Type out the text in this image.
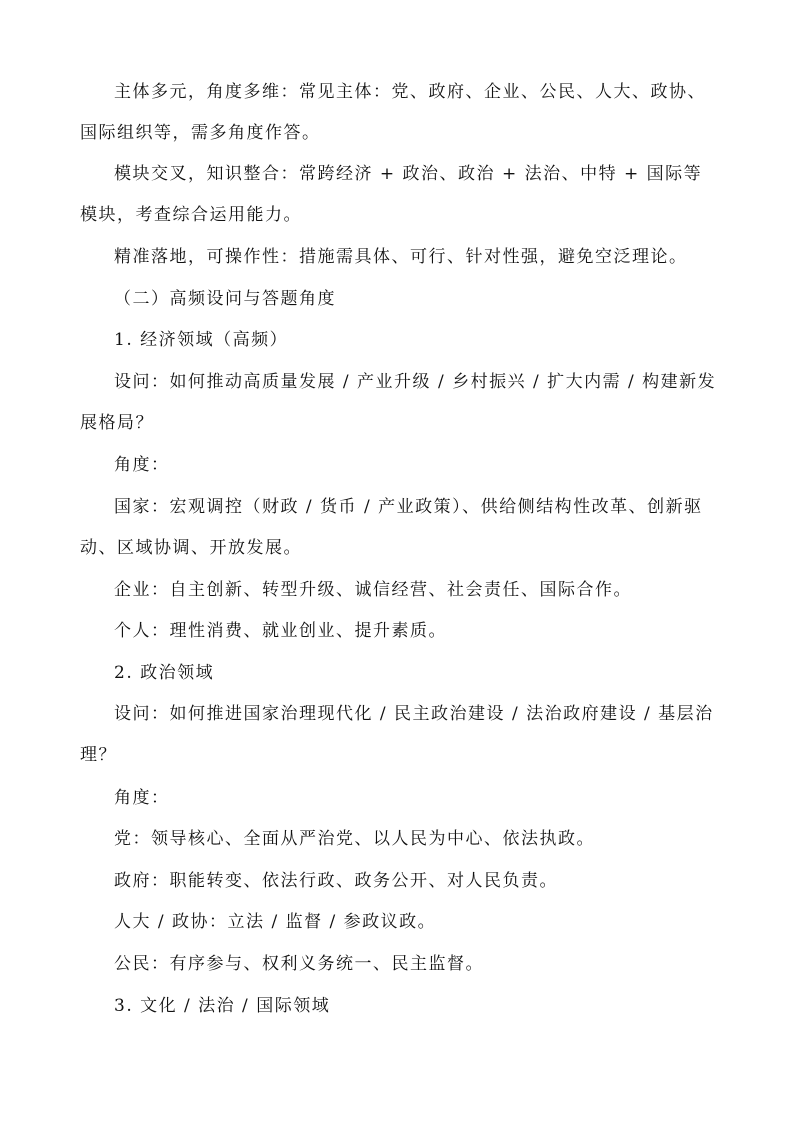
主体多元，角度多维：常见主体：党、政府、企业、公民、人大、政协、国际组织等，需多角度作答。

模块交叉，知识整合：常跨经济 + 政治、政治 + 法治、中特 + 国际等模块，考查综合运用能力。

精准落地，可操作性：措施需具体、可行、针对性强，避免空泛理论。

（二）高频设问与答题角度

1. 经济领域（高频）

设问：如何推动高质量发展 / 产业升级 / 乡村振兴 / 扩大内需 / 构建新发展格局？

角度：

国家：宏观调控（财政 / 货币 / 产业政策）、供给侧结构性改革、创新驱动、区域协调、开放发展。

企业：自主创新、转型升级、诚信经营、社会责任、国际合作。

个人：理性消费、就业创业、提升素质。

2. 政治领域

设问：如何推进国家治理现代化 / 民主政治建设 / 法治政府建设 / 基层治理？

角度：

党：领导核心、全面从严治党、以人民为中心、依法执政。

政府：职能转变、依法行政、政务公开、对人民负责。

人大 / 政协：立法 / 监督 / 参政议政。

公民：有序参与、权利义务统一、民主监督。

3. 文化 / 法治 / 国际领域
